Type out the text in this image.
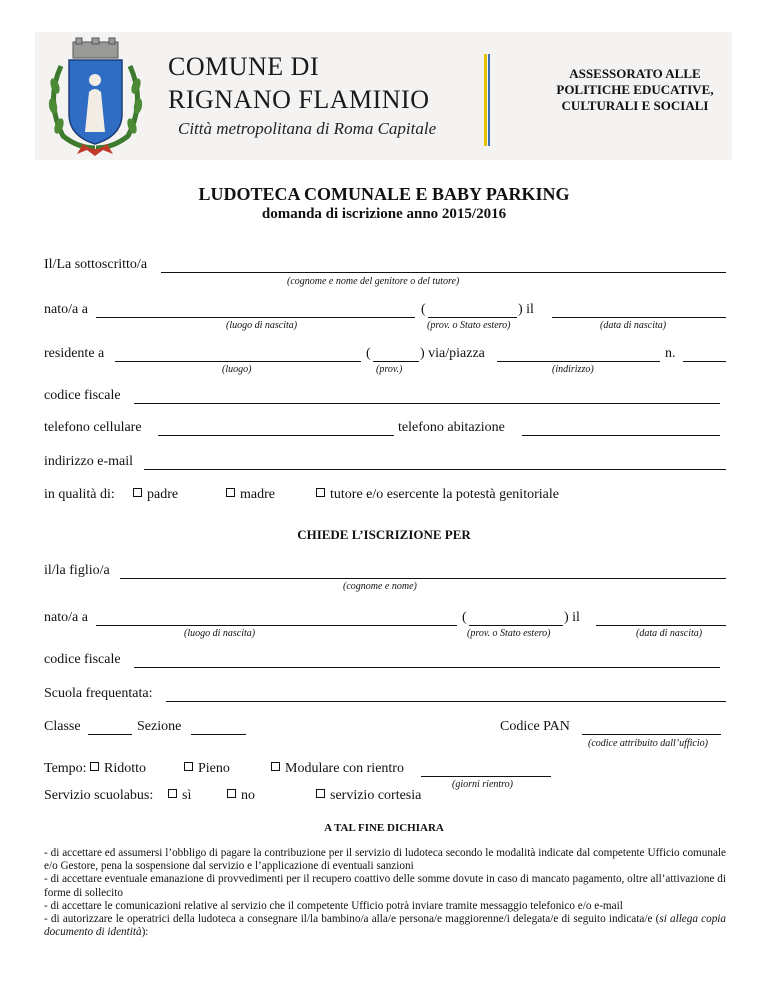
COMUNE DI
RIGNANO FLAMINIO
Città metropolitana di Roma Capitale
ASSESSORATO ALLE
POLITICHE EDUCATIVE,
CULTURALI E SOCIALI
LUDOTECA COMUNALE E BABY PARKING
domanda di iscrizione anno 2015/2016
Il/La sottoscritto/a
(cognome e nome del genitore o del tutore)
nato/a a	(	) il
(luogo di nascita)	(prov. o Stato estero)	(data di nascita)
residente a	(	) via/piazza	n.
(luogo)	(prov.)	(indirizzo)
codice fiscale
telefono cellulare	telefono abitazione
indirizzo e-mail
in qualità di:	padre	madre	tutore e/o esercente la potestà genitoriale
CHIEDE L’ISCRIZIONE PER
il/la figlio/a
(cognome e nome)
nato/a a	(	) il
(luogo di nascita)	(prov. o Stato estero)	(data di nascita)
codice fiscale
Scuola frequentata:
Classe	Sezione	Codice PAN
(codice attribuito dall’ufficio)
Tempo:	Ridotto	Pieno	Modulare con rientro
(giorni rientro)
Servizio scuolabus:	sì	no	servizio cortesia
A TAL FINE DICHIARA

- di accettare ed assumersi l’obbligo di pagare la contribuzione per il servizio di ludoteca secondo le modalità indicate dal competente Ufficio comunale e/o Gestore, pena la sospensione dal servizio e l’applicazione di eventuali sanzioni

- di accettare eventuale emanazione di provvedimenti per il recupero coattivo delle somme dovute in caso di mancato pagamento, oltre all’attivazione di forme di sollecito

- di accettare le comunicazioni relative al servizio che il competente Ufficio potrà inviare tramite messaggio telefonico e/o e-mail

- di autorizzare le operatrici della ludoteca a consegnare il/la bambino/a alla/e persona/e maggiorenne/i delegata/e di seguito indicata/e (si allega copia documento di identità):
